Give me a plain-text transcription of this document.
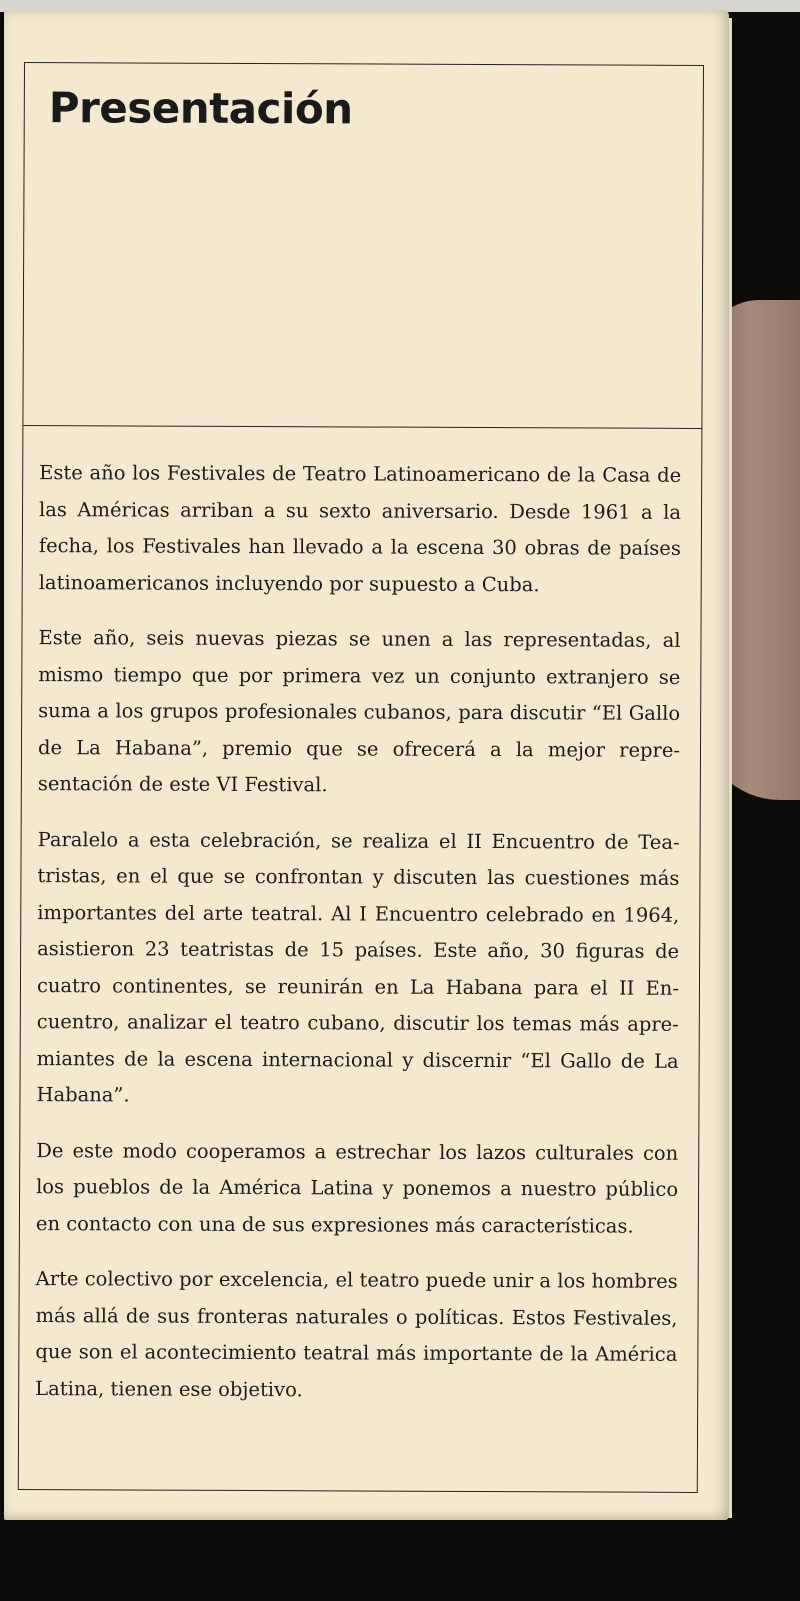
Presentación

Este año los Festivales de Teatro Latinoamericano de la Casa de las Américas arriban a su sexto aniversario. Desde 1961 a la fecha, los Festivales han llevado a la escena 30 obras de países latinoamericanos incluyendo por supuesto a Cuba.

Este año, seis nuevas piezas se unen a las representadas, al mismo tiempo que por primera vez un conjunto extranjero se suma a los grupos profesionales cubanos, para discutir “El Gallo de La Habana”, premio que se ofrecerá a la mejor representación de este VI Festival.

Paralelo a esta celebración, se realiza el II Encuentro de Teatristas, en el que se confrontan y discuten las cuestiones más importantes del arte teatral. Al I Encuentro celebrado en 1964, asistieron 23 teatristas de 15 países. Este año, 30 figuras de cuatro continentes, se reunirán en La Habana para el II Encuentro, analizar el teatro cubano, discutir los temas más apremiantes de la escena internacional y discernir “El Gallo de La Habana”.

De este modo cooperamos a estrechar los lazos culturales con los pueblos de la América Latina y ponemos a nuestro público en contacto con una de sus expresiones más características.

Arte colectivo por excelencia, el teatro puede unir a los hombres más allá de sus fronteras naturales o políticas. Estos Festivales, que son el acontecimiento teatral más importante de la América Latina, tienen ese objetivo.
